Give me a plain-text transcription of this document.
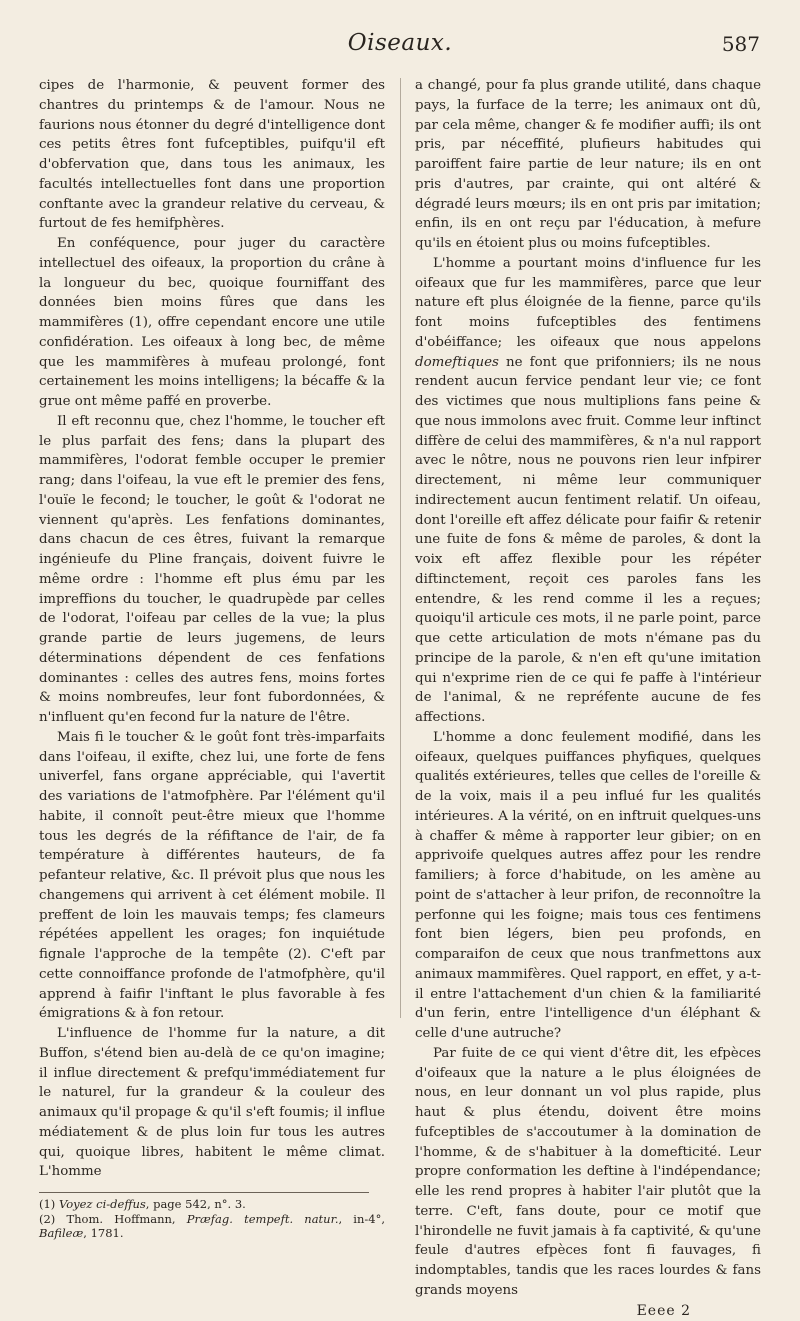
Oiseaux.	587

cipes de l'harmonie, & peuvent former des chantres du printemps & de l'amour. Nous ne faurions nous étonner du degré d'intelligence dont ces petits êtres font fufceptibles, puifqu'il eft d'obfervation que, dans tous les animaux, les facultés intellectuelles font dans une proportion conftante avec la grandeur relative du cerveau, & furtout de fes hemifphères.

En conféquence, pour juger du caractère intellectuel des oifeaux, la proportion du crâne à la longueur du bec, quoique fourniffant des données bien moins fûres que dans les mammifères (1), offre cependant encore une utile confidération. Les oifeaux à long bec, de même que les mammifères à mufeau prolongé, font certainement les moins intelligens; la bécaffe & la grue ont même paffé en proverbe.

Il eft reconnu que, chez l'homme, le toucher eft le plus parfait des fens; dans la plupart des mammifères, l'odorat femble occuper le premier rang; dans l'oifeau, la vue eft le premier des fens, l'ouïe le fecond; le toucher, le goût & l'odorat ne viennent qu'après. Les fenfations dominantes, dans chacun de ces êtres, fuivant la remarque ingénieufe du Pline français, doivent fuivre le même ordre : l'homme eft plus ému par les impreffions du toucher, le quadrupède par celles de l'odorat, l'oifeau par celles de la vue; la plus grande partie de leurs jugemens, de leurs déterminations dépendent de ces fenfations dominantes : celles des autres fens, moins fortes & moins nombreufes, leur font fubordonnées, & n'influent qu'en fecond fur la nature de l'être.

Mais fi le toucher & le goût font très-imparfaits dans l'oifeau, il exifte, chez lui, une forte de fens univerfel, fans organe appréciable, qui l'avertit des variations de l'atmofphère. Par l'élément qu'il habite, il connoît peut-être mieux que l'homme tous les degrés de la réfiftance de l'air, de fa température à différentes hauteurs, de fa pefanteur relative, &c. Il prévoit plus que nous les changemens qui arrivent à cet élément mobile. Il preffent de loin les mauvais temps; fes clameurs répétées appellent les orages; fon inquiétude fignale l'approche de la tempête (2). C'eft par cette connoiffance profonde de l'atmofphère, qu'il apprend à faifir l'inftant le plus favorable à fes émigrations & à fon retour.

L'influence de l'homme fur la nature, a dit Buffon, s'étend bien au-delà de ce qu'on imagine; il influe directement & prefqu'immédiatement fur le naturel, fur la grandeur & la couleur des animaux qu'il propage & qu'il s'eft foumis; il influe médiatement & de plus loin fur tous les autres qui, quoique libres, habitent le même climat. L'homme

(1) Voyez ci-deffus, page 542, n°. 3.

(2) Thom. Hoffmann, Præfag. tempeft. natur., in-4°, Bafileæ, 1781.

a changé, pour fa plus grande utilité, dans chaque pays, la furface de la terre; les animaux ont dû, par cela même, changer & fe modifier auffi; ils ont pris, par néceffité, plufieurs habitudes qui paroiffent faire partie de leur nature; ils en ont pris d'autres, par crainte, qui ont altéré & dégradé leurs mœurs; ils en ont pris par imitation; enfin, ils en ont reçu par l'éducation, à mefure qu'ils en étoient plus ou moins fufceptibles.

L'homme a pourtant moins d'influence fur les oifeaux que fur les mammifères, parce que leur nature eft plus éloignée de la fienne, parce qu'ils font moins fufceptibles des fentimens d'obéiffance; les oifeaux que nous appelons domeftiques ne font que prifonniers; ils ne nous rendent aucun fervice pendant leur vie; ce font des victimes que nous multiplions fans peine & que nous immolons avec fruit. Comme leur inftinct diffère de celui des mammifères, & n'a nul rapport avec le nôtre, nous ne pouvons rien leur infpirer directement, ni même leur communiquer indirectement aucun fentiment relatif. Un oifeau, dont l'oreille eft affez délicate pour faifir & retenir une fuite de fons & même de paroles, & dont la voix eft affez flexible pour les répéter diftinctement, reçoit ces paroles fans les entendre, & les rend comme il les a reçues; quoiqu'il articule ces mots, il ne parle point, parce que cette articulation de mots n'émane pas du principe de la parole, & n'en eft qu'une imitation qui n'exprime rien de ce qui fe paffe à l'intérieur de l'animal, & ne repréfente aucune de fes affections.

L'homme a donc feulement modifié, dans les oifeaux, quelques puiffances phyfiques, quelques qualités extérieures, telles que celles de l'oreille & de la voix, mais il a peu influé fur les qualités intérieures. A la vérité, on en inftruit quelques-uns à chaffer & même à rapporter leur gibier; on en apprivoife quelques autres affez pour les rendre familiers; à force d'habitude, on les amène au point de s'attacher à leur prifon, de reconnoître la perfonne qui les foigne; mais tous ces fentimens font bien légers, bien peu profonds, en comparaifon de ceux que nous tranfmettons aux animaux mammifères. Quel rapport, en effet, y a-t-il entre l'attachement d'un chien & la familiarité d'un ferin, entre l'intelligence d'un éléphant & celle d'une autruche?

Par fuite de ce qui vient d'être dit, les efpèces d'oifeaux que la nature a le plus éloignées de nous, en leur donnant un vol plus rapide, plus haut & plus étendu, doivent être moins fufceptibles de s'accoutumer à la domination de l'homme, & de s'habituer à la domefticité. Leur propre conformation les deftine à l'indépendance; elle les rend propres à habiter l'air plutôt que la terre. C'eft, fans doute, pour ce motif que l'hirondelle ne fuvit jamais à fa captivité, & qu'une feule d'autres efpèces font fi fauvages, fi indomptables, tandis que les races lourdes & fans grands moyens

Eeee 2
